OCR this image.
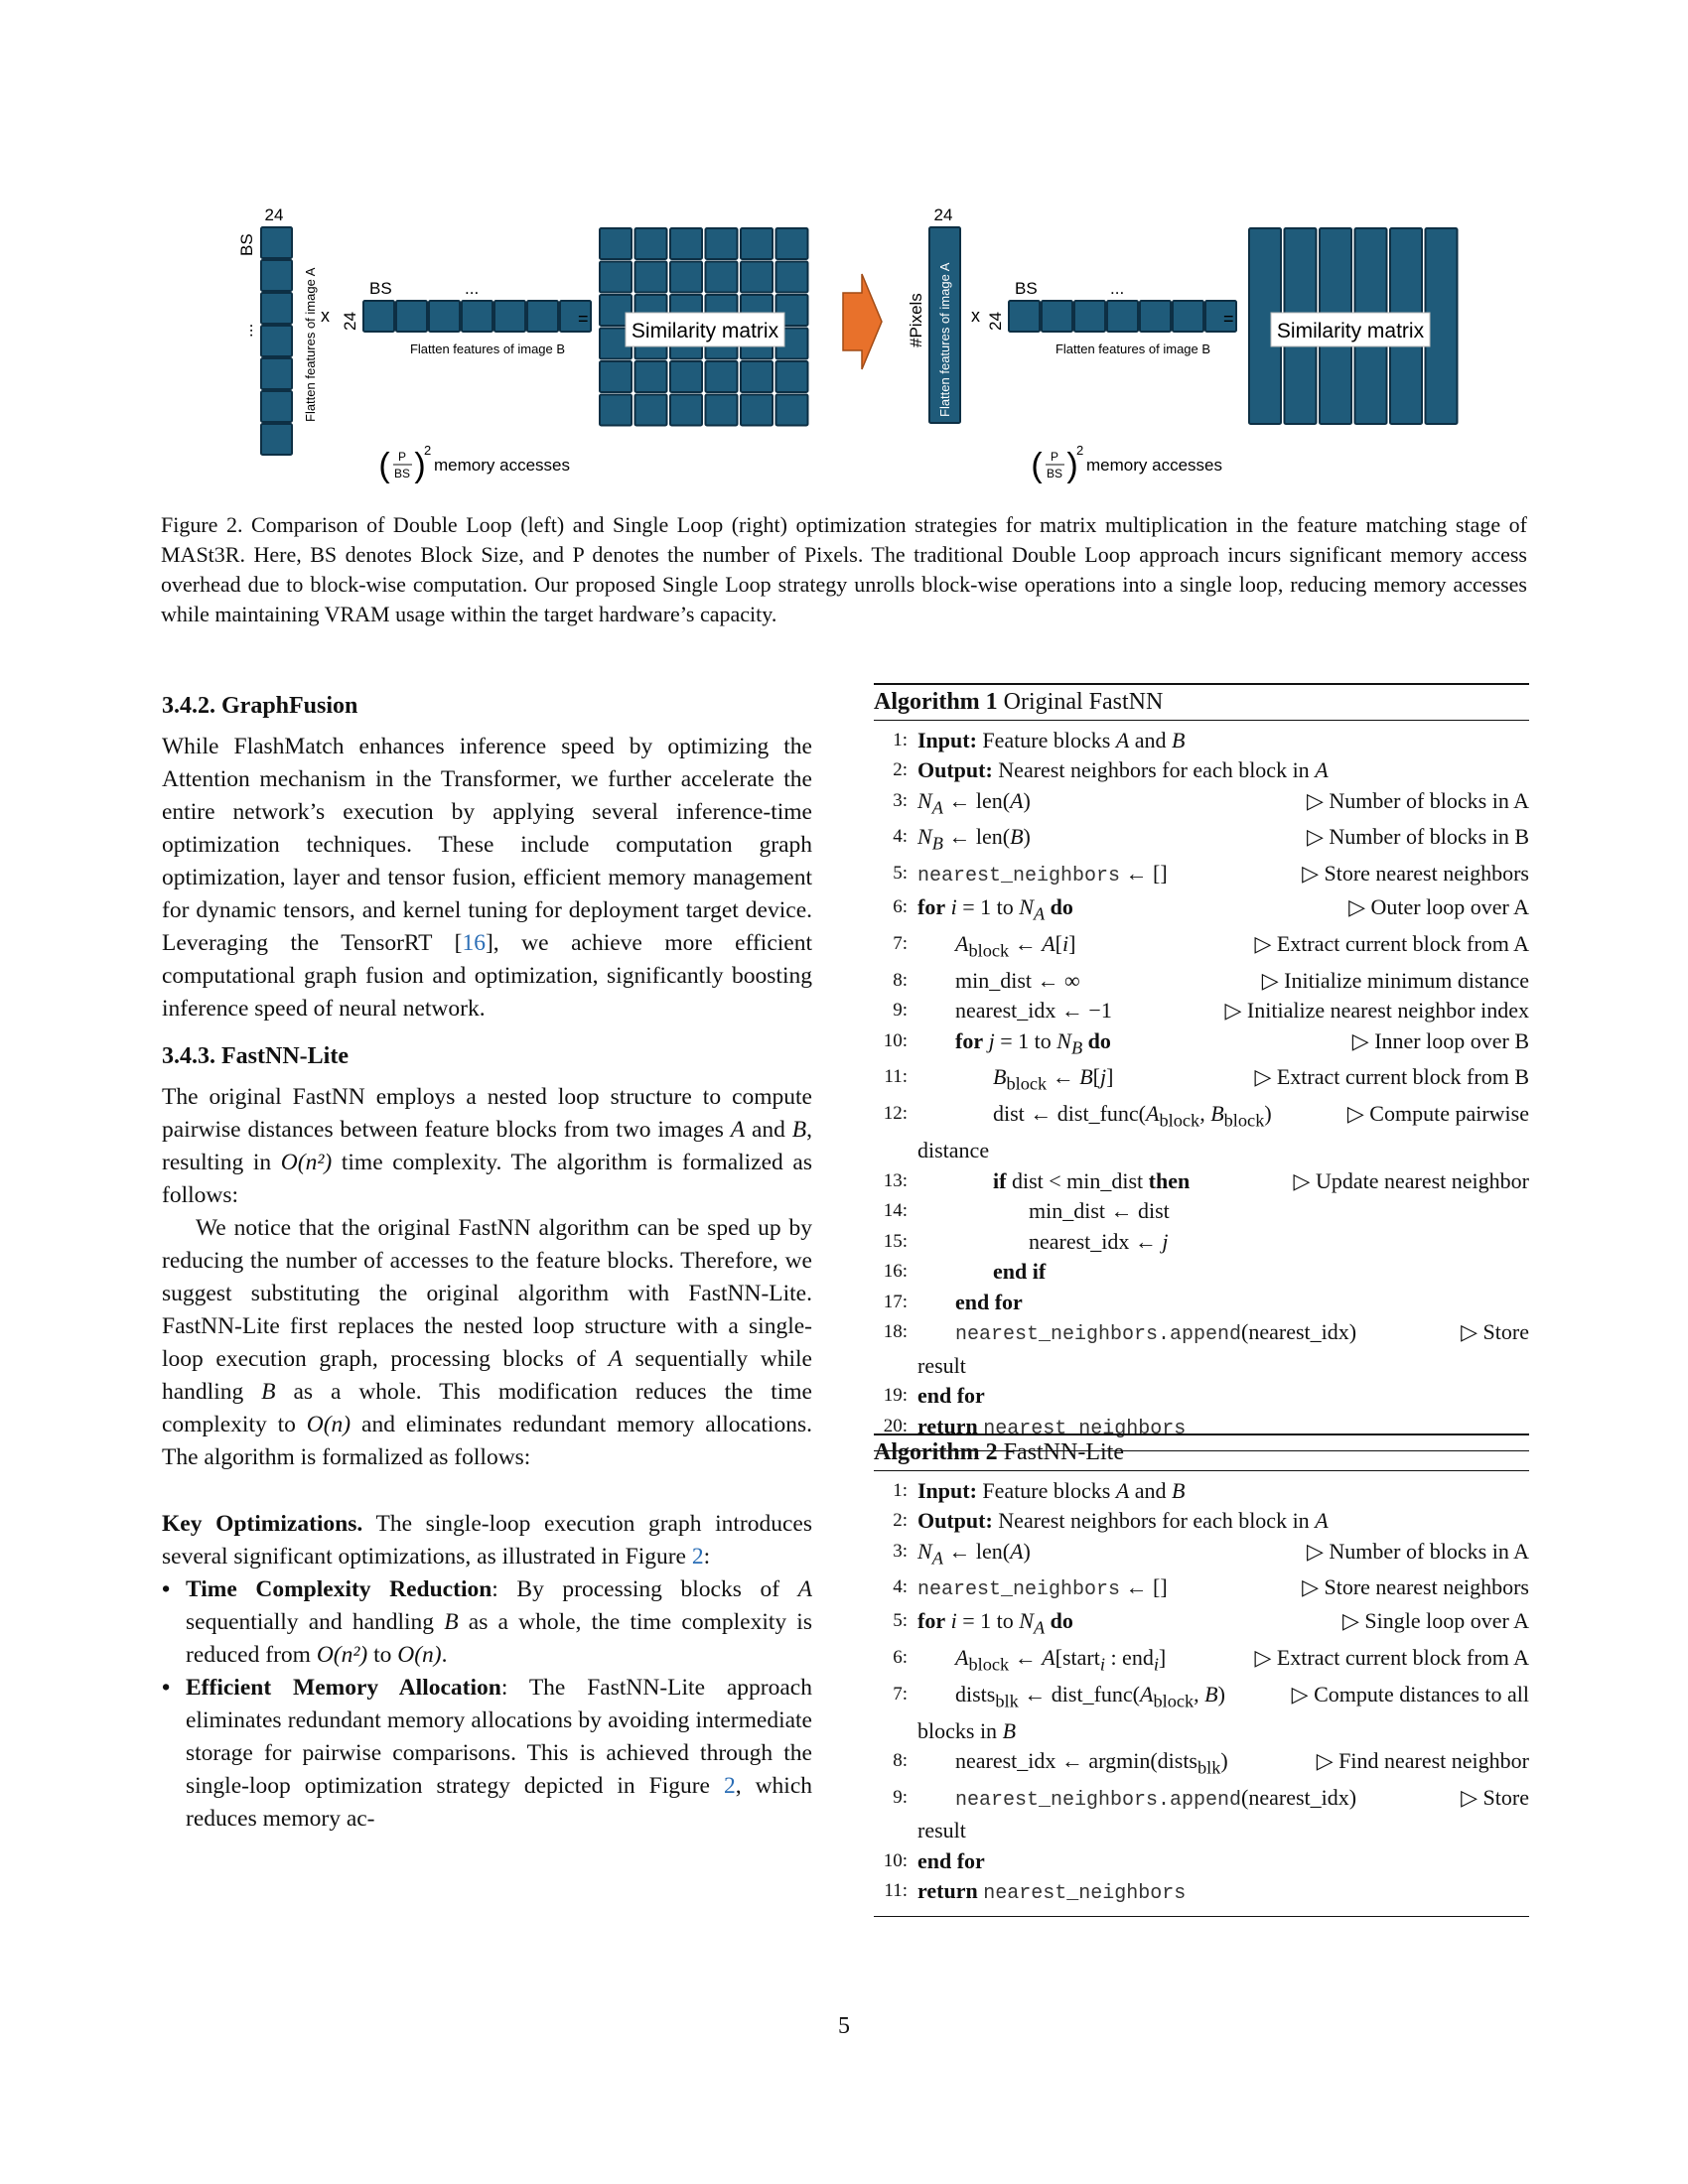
24
BS
...	Flatten features of image A x 24
BS	...
Flatten features of image B
=
Similarity matrix
( P
BS )
2
memory accesses
24
#Pixels Flatten features of image A x 24
BS	...
Flatten features of image B
=
Similarity matrix
( P
BS )
2
memory accesses
Figure 2. Comparison of Double Loop (left) and Single Loop (right) optimization strategies for matrix multiplication in the feature matching stage of MASt3R. Here, BS denotes Block Size, and P denotes the number of Pixels. The traditional Double Loop approach incurs significant memory access overhead due to block-wise computation. Our proposed Single Loop strategy unrolls block-wise operations into a single loop, reducing memory accesses while maintaining VRAM usage within the target hardware’s capacity.
3.4.2. GraphFusion

While FlashMatch enhances inference speed by optimizing the Attention mechanism in the Transformer, we further accelerate the entire network’s execution by applying several inference-time optimization techniques. These include computation graph optimization, layer and tensor fusion, efficient memory management for dynamic tensors, and kernel tuning for deployment target device. Leveraging the TensorRT [16], we achieve more efficient computational graph fusion and optimization, significantly boosting inference speed of neural network.

3.4.3. FastNN-Lite

The original FastNN employs a nested loop structure to compute pairwise distances between feature blocks from two images A and B, resulting in O(n²) time complexity. The algorithm is formalized as follows:

We notice that the original FastNN algorithm can be sped up by reducing the number of accesses to the feature blocks. Therefore, we suggest substituting the original algorithm with FastNN-Lite. FastNN-Lite first replaces the nested loop structure with a single-loop execution graph, processing blocks of A sequentially while handling B as a whole. This modification reduces the time complexity to O(n) and eliminates redundant memory allocations. The algorithm is formalized as follows:

Key Optimizations. The single-loop execution graph introduces several significant optimizations, as illustrated in Figure 2:

• Time Complexity Reduction: By processing blocks of A sequentially and handling B as a whole, the time complexity is reduced from O(n²) to O(n).
• Efficient Memory Allocation: The FastNN-Lite approach eliminates redundant memory allocations by avoiding intermediate storage for pairwise comparisons. This is achieved through the single-loop optimization strategy depicted in Figure 2, which reduces memory ac-
Algorithm 1 Original FastNN
1: Input: Feature blocks A and B
2: Output: Nearest neighbors for each block in A
3: $N_A$ ← len(A)	▷ Number of blocks in A
4: $N_B$ ← len(B)	▷ Number of blocks in B
5: nearest_neighbors ← []	▷ Store nearest neighbors
6: for i = 1 to $N_A$ do	▷ Outer loop over A
7: $A_{block}$ ← A[i]	▷ Extract current block from A
8: min_dist ← ∞	▷ Initialize minimum distance
9: nearest_idx ← −1	▷ Initialize nearest neighbor index
10: for j = 1 to $N_B$ do	▷ Inner loop over B
11:	$B_{block}$ ← B[j]	▷ Extract current block from B
12:	dist ← $dist\_func(A_{block}$, $B_{block}$)	▷ Compute pairwise
distance
13:	if dist < min_dist then	▷ Update nearest neighbor
14:	min_dist ← dist
15:	nearest_idx ← j
16:	end if
17: end for
18: nearest_neighbors.append(nearest_idx)	▷ Store
result
19: end for
20: return nearest_neighbors
Algorithm 2 FastNN-Lite
1: Input: Feature blocks A and B
2: Output: Nearest neighbors for each block in A
3: $N_A$ ← len(A)	▷ Number of blocks in A
4: nearest_neighbors ← []	▷ Store nearest neighbors
5: for i = 1 to $N_A$ do	▷ Single loop over A
6: $A_{block}$ ← A[start$_i$ : end$_i$]	▷ Extract current block from A
7: dists$_{blk}$ ← $dist\_func(A_{block}$, B)	▷ Compute distances to all
blocks in B
8: nearest_idx ← argmin(dists$_{blk}$)	▷ Find nearest neighbor
9: nearest_neighbors.append(nearest_idx)	▷ Store
result
10: end for
11: return nearest_neighbors
5
